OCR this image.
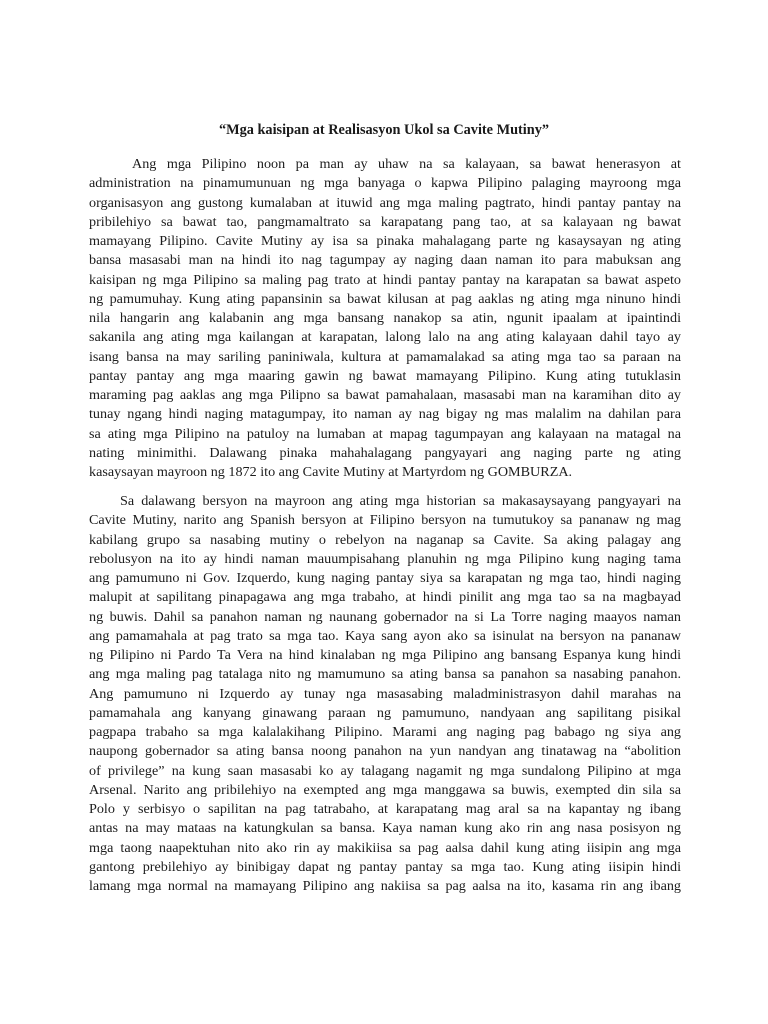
“Mga kaisipan at Realisasyon Ukol sa Cavite Mutiny”
Ang mga Pilipino noon pa man ay uhaw na sa kalayaan, sa bawat henerasyon at
administration na pinamumunuan ng mga banyaga o kapwa Pilipino palaging mayroong mga
organisasyon ang gustong kumalaban at ituwid ang mga maling pagtrato, hindi pantay pantay na
pribilehiyo sa bawat tao, pangmamaltrato sa karapatang pang tao, at sa kalayaan ng bawat
mamayang Pilipino. Cavite Mutiny ay isa sa pinaka mahalagang parte ng kasaysayan ng ating
bansa masasabi man na hindi ito nag tagumpay ay naging daan naman ito para mabuksan ang
kaisipan ng mga Pilipino sa maling pag trato at hindi pantay pantay na karapatan sa bawat aspeto
ng pamumuhay. Kung ating papansinin sa bawat kilusan at pag aaklas ng ating mga ninuno hindi
nila hangarin ang kalabanin ang mga bansang nanakop sa atin, ngunit ipaalam at ipaintindi
sakanila ang ating mga kailangan at karapatan, lalong lalo na ang ating kalayaan dahil tayo ay
isang bansa na may sariling paniniwala, kultura at pamamalakad sa ating mga tao sa paraan na
pantay pantay ang mga maaring gawin ng bawat mamayang Pilipino. Kung ating tutuklasin
maraming pag aaklas ang mga Pilipno sa bawat pamahalaan, masasabi man na karamihan dito ay
tunay ngang hindi naging matagumpay, ito naman ay nag bigay ng mas malalim na dahilan para
sa ating mga Pilipino na patuloy na lumaban at mapag tagumpayan ang kalayaan na matagal na
nating minimithi. Dalawang pinaka mahahalagang pangyayari ang naging parte ng ating
kasaysayan mayroon ng 1872 ito ang Cavite Mutiny at Martyrdom ng GOMBURZA.
Sa dalawang bersyon na mayroon ang ating mga historian sa makasaysayang pangyayari na
Cavite Mutiny, narito ang Spanish bersyon at Filipino bersyon na tumutukoy sa pananaw ng mag
kabilang grupo sa nasabing mutiny o rebelyon na naganap sa Cavite. Sa aking palagay ang
rebolusyon na ito ay hindi naman mauumpisahang planuhin ng mga Pilipino kung naging tama
ang pamumuno ni Gov. Izquerdo, kung naging pantay siya sa karapatan ng mga tao, hindi naging
malupit at sapilitang pinapagawa ang mga trabaho, at hindi pinilit ang mga tao sa na magbayad
ng buwis. Dahil sa panahon naman ng naunang gobernador na si La Torre naging maayos naman
ang pamamahala at pag trato sa mga tao. Kaya sang ayon ako sa isinulat na bersyon na pananaw
ng Pilipino ni Pardo Ta Vera na hind kinalaban ng mga Pilipino ang bansang Espanya kung hindi
ang mga maling pag tatalaga nito ng mamumuno sa ating bansa sa panahon sa nasabing panahon.
Ang pamumuno ni Izquerdo ay tunay nga masasabing maladministrasyon dahil marahas na
pamamahala ang kanyang ginawang paraan ng pamumuno, nandyaan ang sapilitang pisikal
pagpapa trabaho sa mga kalalakihang Pilipino. Marami ang naging pag babago ng siya ang
naupong gobernador sa ating bansa noong panahon na yun nandyan ang tinatawag na “abolition
of privilege” na kung saan masasabi ko ay talagang nagamit ng mga sundalong Pilipino at mga
Arsenal. Narito ang pribilehiyo na exempted ang mga manggawa sa buwis, exempted din sila sa
Polo y serbisyo o sapilitan na pag tatrabaho, at karapatang mag aral sa na kapantay ng ibang
antas na may mataas na katungkulan sa bansa. Kaya naman kung ako rin ang nasa posisyon ng
mga taong naapektuhan nito ako rin ay makikiisa sa pag aalsa dahil kung ating iisipin ang mga
gantong prebilehiyo ay binibigay dapat ng pantay pantay sa mga tao. Kung ating iisipin hindi
lamang mga normal na mamayang Pilipino ang nakiisa sa pag aalsa na ito, kasama rin ang ibang
